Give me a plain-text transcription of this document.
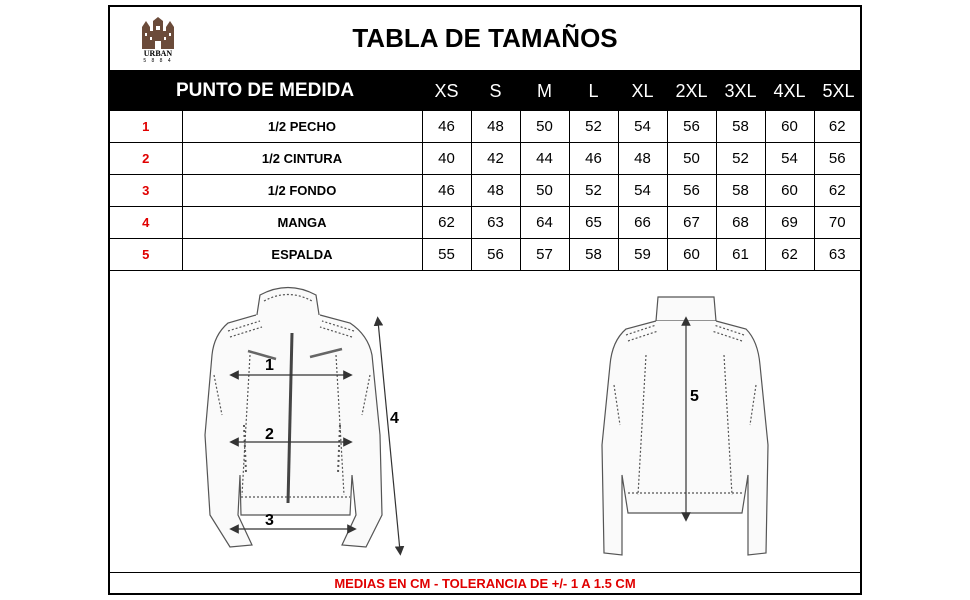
URBAN
5 8 8 4
TABLA DE TAMAÑOS
PUNTO DE MEDIDA	XS	S	M	L	XL	2XL 3XL 4XL 5XL
1	1/2 PECHO	46	48	50	52	54	56	58	60	62
2	1/2 CINTURA	40	42	44	46	48	50	52	54	56
3	1/2 FONDO	46	48	50	52	54	56	58	60	62
4	MANGA	62	63	64	65	66	67	68	69	70
5	ESPALDA	55	56	57	58	59	60	61	62	63
1
2
3
4
5
MEDIAS EN CM - TOLERANCIA DE +/- 1 A 1.5 CM
